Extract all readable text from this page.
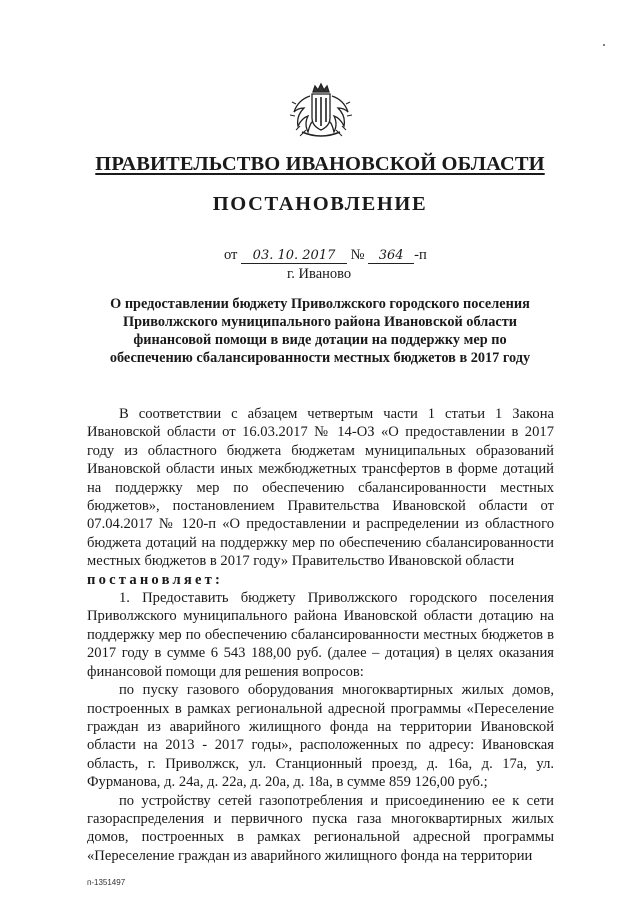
ПРАВИТЕЛЬСТВО ИВАНОВСКОЙ ОБЛАСТИ
ПОСТАНОВЛЕНИЕ
от 03. 10. 2017 № 364 -п
г. Иваново
О предоставлении бюджету Приволжского городского поселения Приволжского муниципального района Ивановской области финансовой помощи в виде дотации на поддержку мер по обеспечению сбалансированности местных бюджетов в 2017 году

В соответствии с абзацем четвертым части 1 статьи 1 Закона Ивановской области от 16.03.2017 № 14-ОЗ «О предоставлении в 2017 году из областного бюджета бюджетам муниципальных образований Ивановской области иных межбюджетных трансфертов в форме дотаций на поддержку мер по обеспечению сбалансированности местных бюджетов», постановлением Правительства Ивановской области от 07.04.2017 № 120-п «О предоставлении и распределении из областного бюджета дотаций на поддержку мер по обеспечению сбалансированности местных бюджетов в 2017 году» Правительство Ивановской области

постановляет:

1. Предоставить бюджету Приволжского городского поселения Приволжского муниципального района Ивановской области дотацию на поддержку мер по обеспечению сбалансированности местных бюджетов в 2017 году в сумме 6 543 188,00 руб. (далее – дотация) в целях оказания финансовой помощи для решения вопросов:

по пуску газового оборудования многоквартирных жилых домов, построенных в рамках региональной адресной программы «Переселение граждан из аварийного жилищного фонда на территории Ивановской области на 2013 - 2017 годы», расположенных по адресу: Ивановская область, г. Приволжск, ул. Станционный проезд, д. 16а, д. 17а, ул. Фурманова, д. 24а, д. 22а, д. 20а, д. 18а, в сумме 859 126,00 руб.;

по устройству сетей газопотребления и присоединению ее к сети газораспределения и первичного пуска газа многоквартирных жилых домов, построенных в рамках региональной адресной программы «Переселение граждан из аварийного жилищного фонда на территории

п-1351497
